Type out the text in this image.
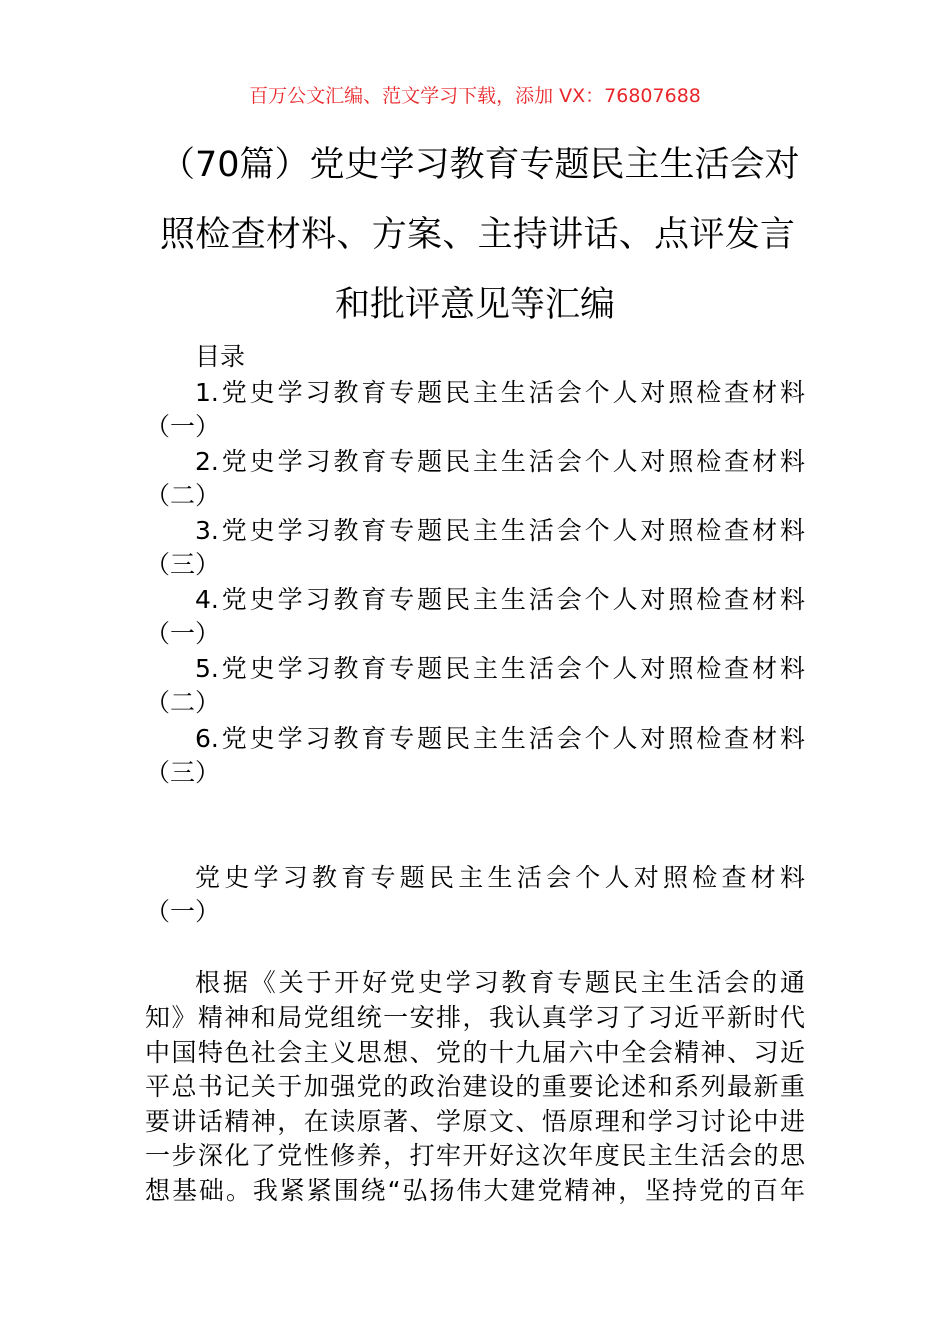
百万公文汇编、范文学习下载，添加 VX：76807688
（70篇）党史学习教育专题民主生活会对
照检查材料、方案、主持讲话、点评发言
和批评意见等汇编
目录
1.党史学习教育专题民主生活会个人对照检查材料
（一）
2.党史学习教育专题民主生活会个人对照检查材料
（二）
3.党史学习教育专题民主生活会个人对照检查材料
（三）
4.党史学习教育专题民主生活会个人对照检查材料
（一）
5.党史学习教育专题民主生活会个人对照检查材料
（二）
6.党史学习教育专题民主生活会个人对照检查材料
（三）
党史学习教育专题民主生活会个人对照检查材料
（一）
根据《关于开好党史学习教育专题民主生活会的通
知》精神和局党组统一安排，我认真学习了习近平新时代
中国特色社会主义思想、党的十九届六中全会精神、习近
平总书记关于加强党的政治建设的重要论述和系列最新重
要讲话精神，在读原著、学原文、悟原理和学习讨论中进
一步深化了党性修养，打牢开好这次年度民主生活会的思
想基础。我紧紧围绕“弘扬伟大建党精神，坚持党的百年
